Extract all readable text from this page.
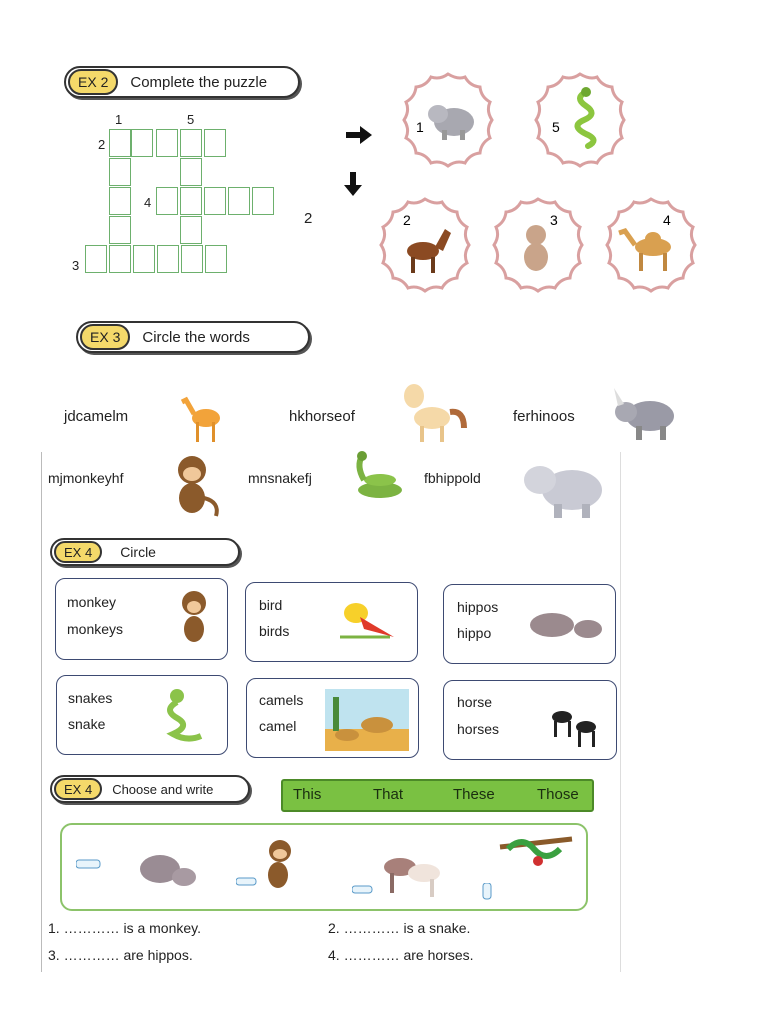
EX 2	Complete the puzzle
1	5
2
4
3
2
1	5
2	3	4
EX 3	Circle the words
jdcamelm	hkhorseof	ferhinoos
mjmonkeyhf	mnsnakefj	fbhippold
EX 4	Circle
monkey
monkeys
bird
birds
hippos
hippo
snakes
snake
camels
camel
horse
horses
EX 4	Choose and write	This	That	These	Those
1. ………… is a monkey.	2. ………… is a snake.
3. ………… are hippos.	4. ………… are horses.
